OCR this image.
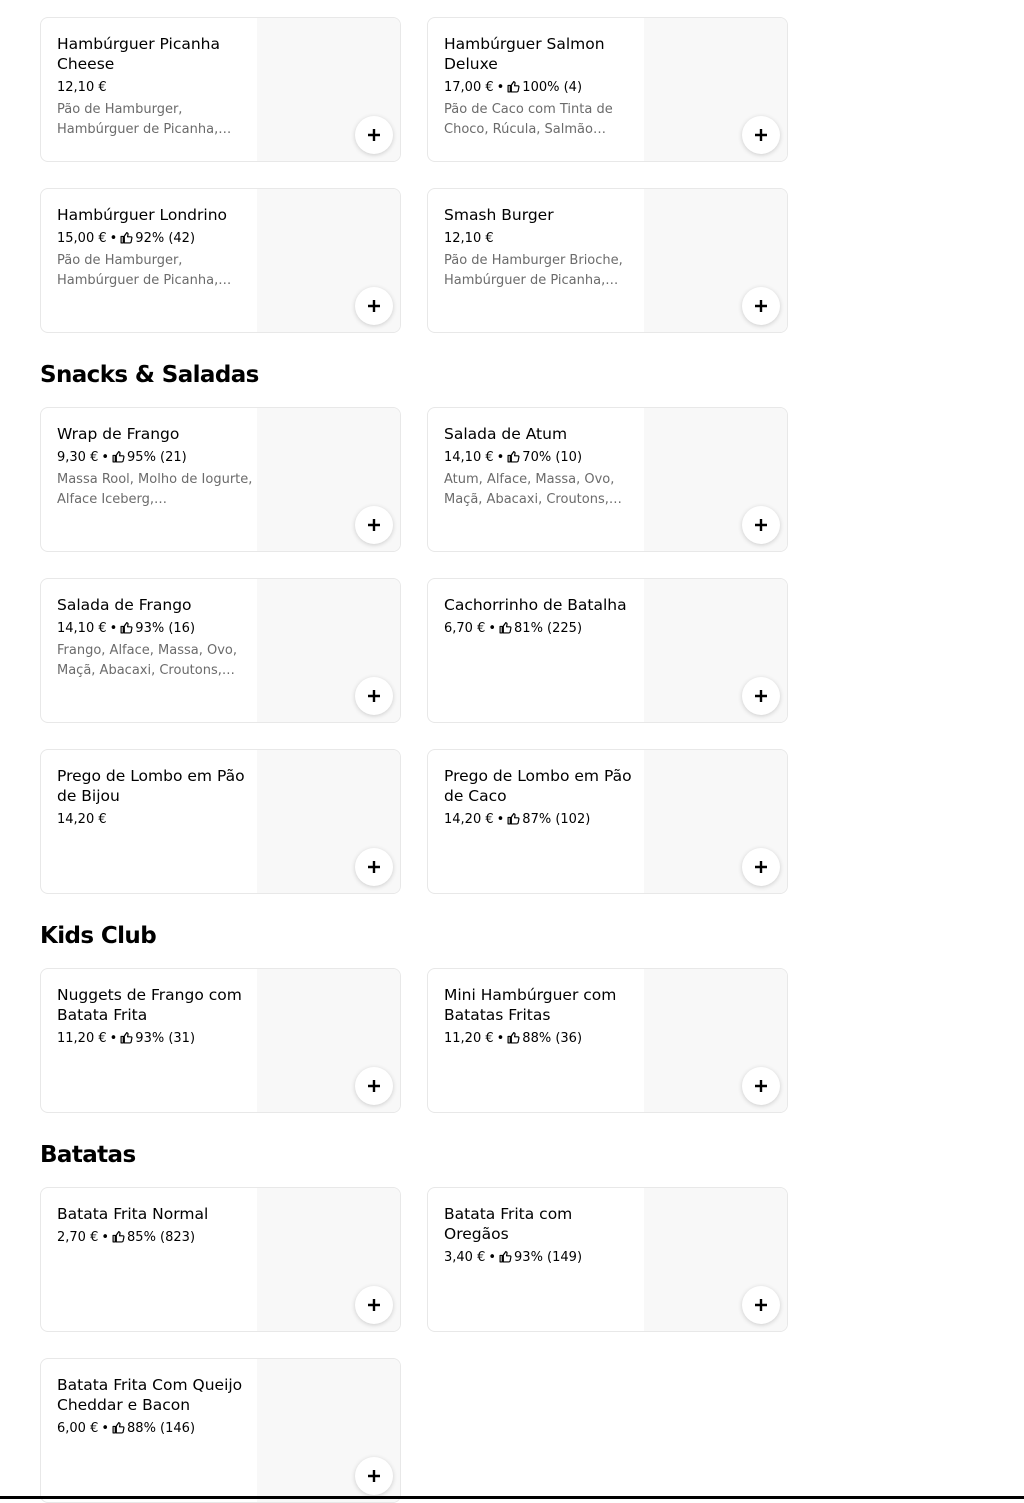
Snacks & Saladas
Kids Club
Batatas
Hambúrguer Picanha Cheese
12,10 €
Pão de Hamburger, Hambúrguer de Picanha,…
Hambúrguer Salmon Deluxe
17,00 € • 100% (4)
Pão de Caco com Tinta de Choco, Rúcula, Salmão…
Hambúrguer Londrino
15,00 € • 92% (42)
Pão de Hamburger, Hambúrguer de Picanha,…
Smash Burger
12,10 €
Pão de Hamburger Brioche, Hambúrguer de Picanha,…
Wrap de Frango
9,30 € • 95% (21)
Massa Rool, Molho de Iogurte, Alface Iceberg,…
Salada de Atum
14,10 € • 70% (10)
Atum, Alface, Massa, Ovo, Maçã, Abacaxi, Croutons,…
Salada de Frango
14,10 € • 93% (16)
Frango, Alface, Massa, Ovo, Maçã, Abacaxi, Croutons,…
Cachorrinho de Batalha
6,70 € • 81% (225)
Prego de Lombo em Pão de Bijou
14,20 €
Prego de Lombo em Pão de Caco
14,20 € • 87% (102)
Nuggets de Frango com Batata Frita
11,20 € • 93% (31)
Mini Hambúrguer com Batatas Fritas
11,20 € • 88% (36)
Batata Frita Normal
2,70 € • 85% (823)
Batata Frita com Oregãos
3,40 € • 93% (149)
Batata Frita Com Queijo Cheddar e Bacon
6,00 € • 88% (146)
